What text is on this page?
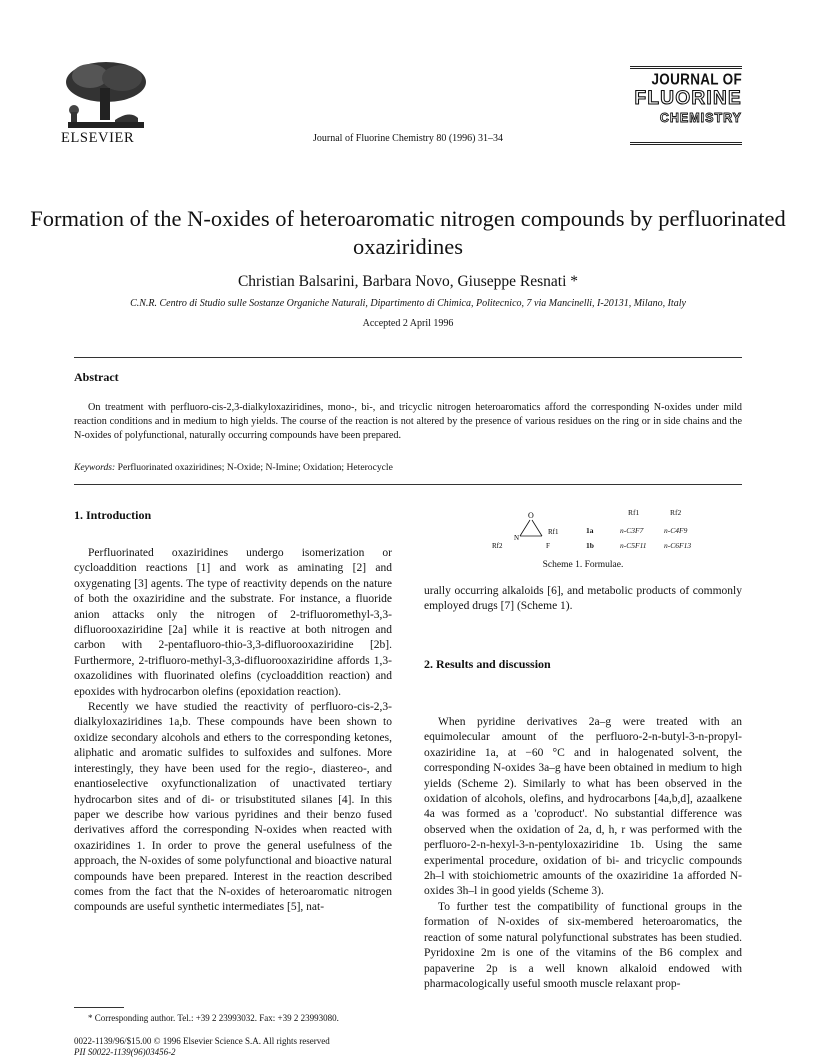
ELSEVIER	Journal of Fluorine Chemistry 80 (1996) 31–34
JOURNAL OF
FLUORINE
CHEMISTRY
Formation of the N-oxides of heteroaromatic nitrogen compounds by perfluorinated oxaziridines
Christian Balsarini, Barbara Novo, Giuseppe Resnati *
C.N.R. Centro di Studio sulle Sostanze Organiche Naturali, Dipartimento di Chimica, Politecnico, 7 via Mancinelli, I-20131, Milano, Italy
Accepted 2 April 1996
Abstract
On treatment with perfluoro-cis-2,3-dialkyloxaziridines, mono-, bi-, and tricyclic nitrogen heteroaromatics afford the corresponding N-oxides under mild reaction conditions and in medium to high yields. The course of the reaction is not altered by the presence of various residues on the ring or in side chains and the N-oxides of polyfunctional, naturally occurring compounds have been prepared.
Keywords: Perfluorinated oxaziridines; N-Oxide; N-Imine; Oxidation; Heterocycle
1. Introduction

Perfluorinated oxaziridines undergo isomerization or cycloaddition reactions [1] and work as aminating [2] and oxygenating [3] agents. The type of reactivity depends on the nature of both the oxaziridine and the substrate. For instance, a fluoride anion attacks only the nitrogen of 2-trifluoromethyl-3,3-difluorooxaziridine [2a] while it is reactive at both nitrogen and carbon with 2-pentafluoro-thio-3,3-difluorooxaziridine [2b]. Furthermore, 2-trifluoro-methyl-3,3-difluorooxaziridine affords 1,3-oxazolidines with fluorinated olefins (cycloaddition reaction) and epoxides with hydrocarbon olefins (epoxidation reaction).

Recently we have studied the reactivity of perfluoro-cis-2,3-dialkyloxaziridines 1a,b. These compounds have been shown to oxidize secondary alcohols and ethers to the corresponding ketones, aliphatic and aromatic sulfides to sulfoxides and sulfones. More interestingly, they have been used for the regio-, diastereo-, and enantioselective oxyfunctionalization of unactivated tertiary hydrocarbon sites and of di- or trisubstituted silanes [4]. In this paper we describe how various pyridines and their benzo fused derivatives afford the corresponding N-oxides when reacted with oxaziridines 1. In order to prove the general usefulness of the approach, the N-oxides of some polyfunctional and bioactive natural compounds have been prepared. Interest in the reaction described comes from the fact that the N-oxides of heteroaromatic nitrogen compounds are useful synthetic intermediates [5], nat-

* Corresponding author. Tel.: +39 2 23993032. Fax: +39 2 23993080.
0022-1139/96/$15.00 © 1996 Elsevier Science S.A. All rights reserved
PII S0022-1139(96)03456-2
O
N
Rf1
Rf2	F
Rf1	Rf2
1a	n-C3F7	n-C4F9
1b	n-C5F11 n-C6F13
Scheme 1. Formulae.

urally occurring alkaloids [6], and metabolic products of commonly employed drugs [7] (Scheme 1).

2. Results and discussion

When pyridine derivatives 2a–g were treated with an equimolecular amount of the perfluoro-2-n-butyl-3-n-propyl-oxaziridine 1a, at −60 °C and in halogenated solvent, the corresponding N-oxides 3a–g have been obtained in medium to high yields (Scheme 2). Similarly to what has been observed in the oxidation of alcohols, olefins, and hydrocarbons [4a,b,d], azaalkene 4a was formed as a 'coproduct'. No substantial difference was observed when the oxidation of 2a, d, h, r was performed with the perfluoro-2-n-hexyl-3-n-pentyloxaziridine 1b. Using the same experimental procedure, oxidation of bi- and tricyclic compounds 2h–l with stoichiometric amounts of the oxaziridine 1a afforded N-oxides 3h–l in good yields (Scheme 3).

To further test the compatibility of functional groups in the formation of N-oxides of six-membered heteroaromatics, the reaction of some natural polyfunctional substrates has been studied. Pyridoxine 2m is one of the vitamins of the B6 complex and papaverine 2p is a well known alkaloid endowed with pharmacologically useful smooth muscle relaxant prop-
